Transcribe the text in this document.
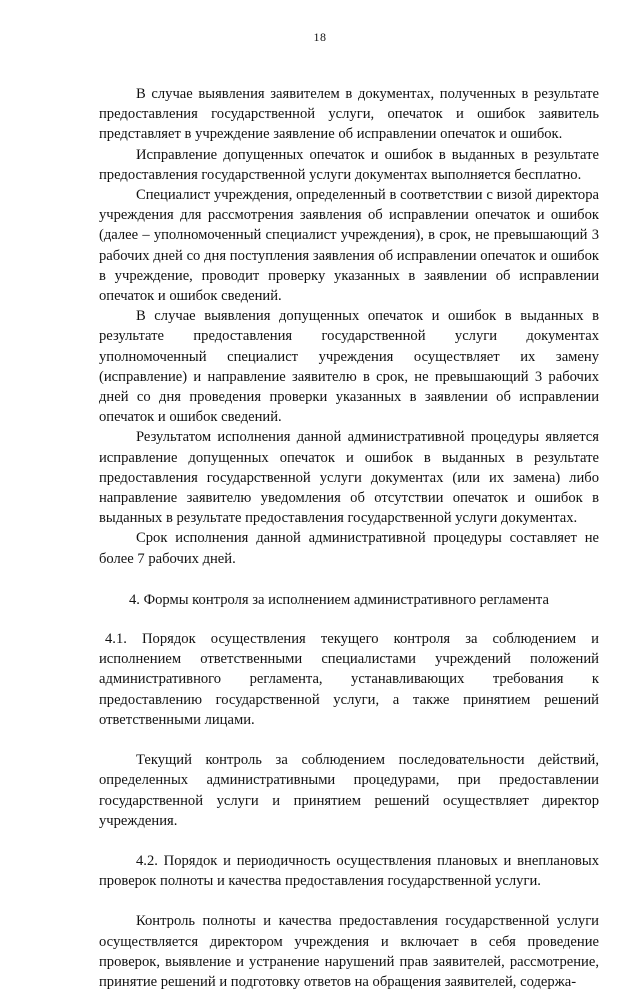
18

В случае выявления заявителем в документах, полученных в результате предоставления государственной услуги, опечаток и ошибок заявитель представляет в учреждение заявление об исправлении опечаток и ошибок.

Исправление допущенных опечаток и ошибок в выданных в результате предоставления государственной услуги документах выполняется бесплатно.

Специалист учреждения, определенный в соответствии с визой директора учреждения для рассмотрения заявления об исправлении опечаток и ошибок (далее – уполномоченный специалист учреждения), в срок, не превышающий 3 рабочих дней со дня поступления заявления об исправлении опечаток и ошибок в учреждение, проводит проверку указанных в заявлении об исправлении опечаток и ошибок сведений.

В случае выявления допущенных опечаток и ошибок в выданных в результате предоставления государственной услуги документах уполномоченный специалист учреждения осуществляет их замену (исправление) и направление заявителю в срок, не превышающий 3 рабочих дней со дня проведения проверки указанных в заявлении об исправлении опечаток и ошибок сведений.

Результатом исполнения данной административной процедуры является исправление допущенных опечаток и ошибок в выданных в результате предоставления государственной услуги документах (или их замена) либо направление заявителю уведомления об отсутствии опечаток и ошибок в выданных в результате предоставления государственной услуги документах.

Срок исполнения данной административной процедуры составляет не более 7 рабочих дней.

4. Формы контроля за исполнением административного регламента

4.1. Порядок осуществления текущего контроля за соблюдением и исполнением ответственными специалистами учреждений положений административного регламента, устанавливающих требования к предоставлению государственной услуги, а также принятием решений ответственными лицами.

Текущий контроль за соблюдением последовательности действий, определенных административными процедурами, при предоставлении государственной услуги и принятием решений осуществляет директор учреждения.

4.2. Порядок и периодичность осуществления плановых и внеплановых проверок полноты и качества предоставления государственной услуги.

Контроль полноты и качества предоставления государственной услуги осуществляется директором учреждения и включает в себя проведение проверок, выявление и устранение нарушений прав заявителей, рассмотрение, принятие решений и подготовку ответов на обращения заявителей, содержа-
